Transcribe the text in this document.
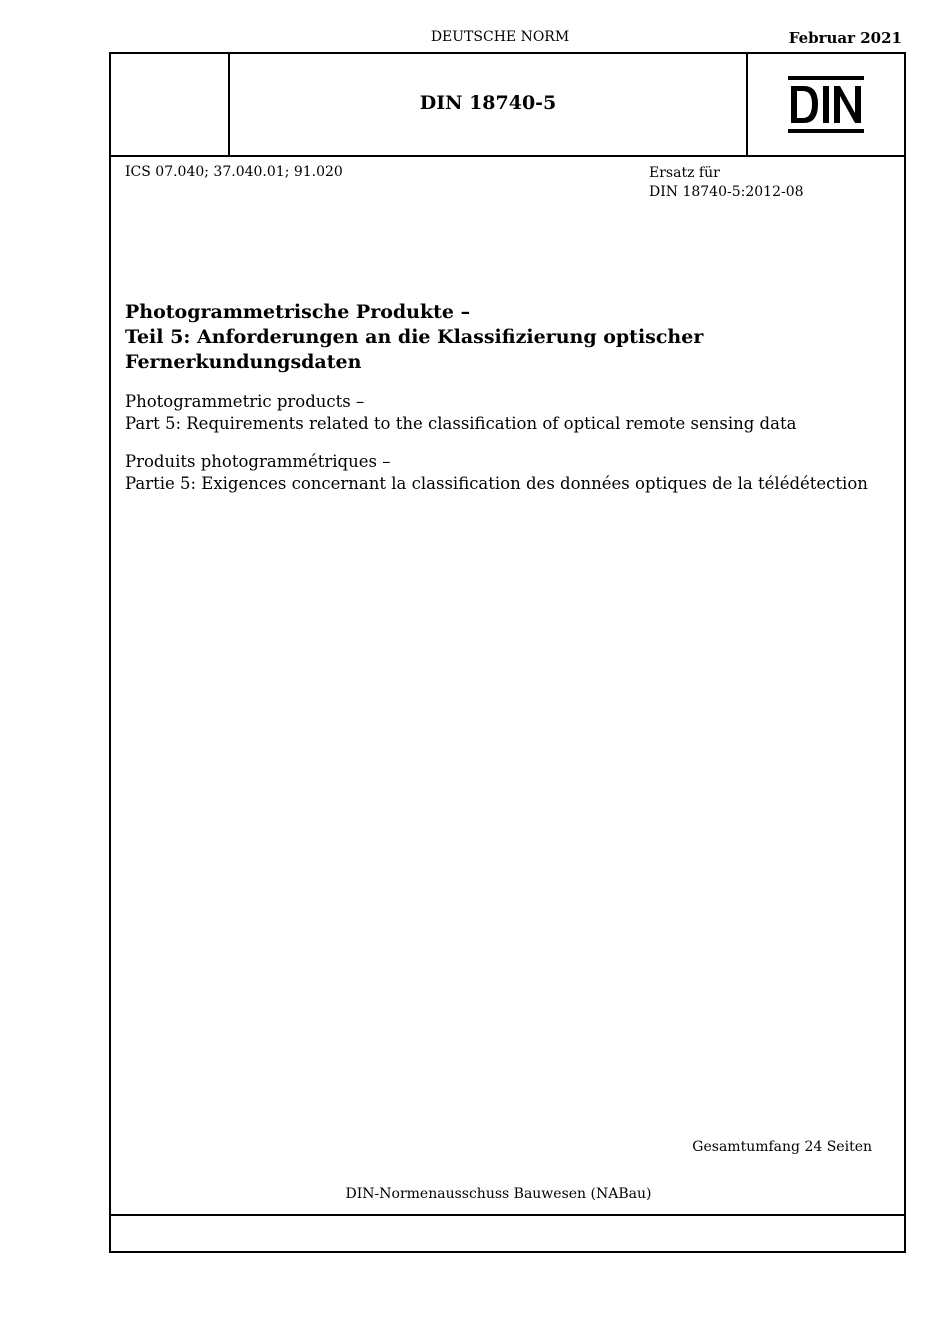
DEUTSCHE NORM	Februar 2021
DIN 18740-5
ICS 07.040; 37.040.01; 91.020	Ersatz für
DIN 18740-5:2012-08
Photogrammetrische Produkte –
Teil 5: Anforderungen an die Klassifizierung optischer
Fernerkundungsdaten
Photogrammetric products –
Part 5: Requirements related to the classification of optical remote sensing data
Produits photogrammétriques –
Partie 5: Exigences concernant la classification des données optiques de la télédétection
Gesamtumfang 24 Seiten
DIN-Normenausschuss Bauwesen (NABau)
